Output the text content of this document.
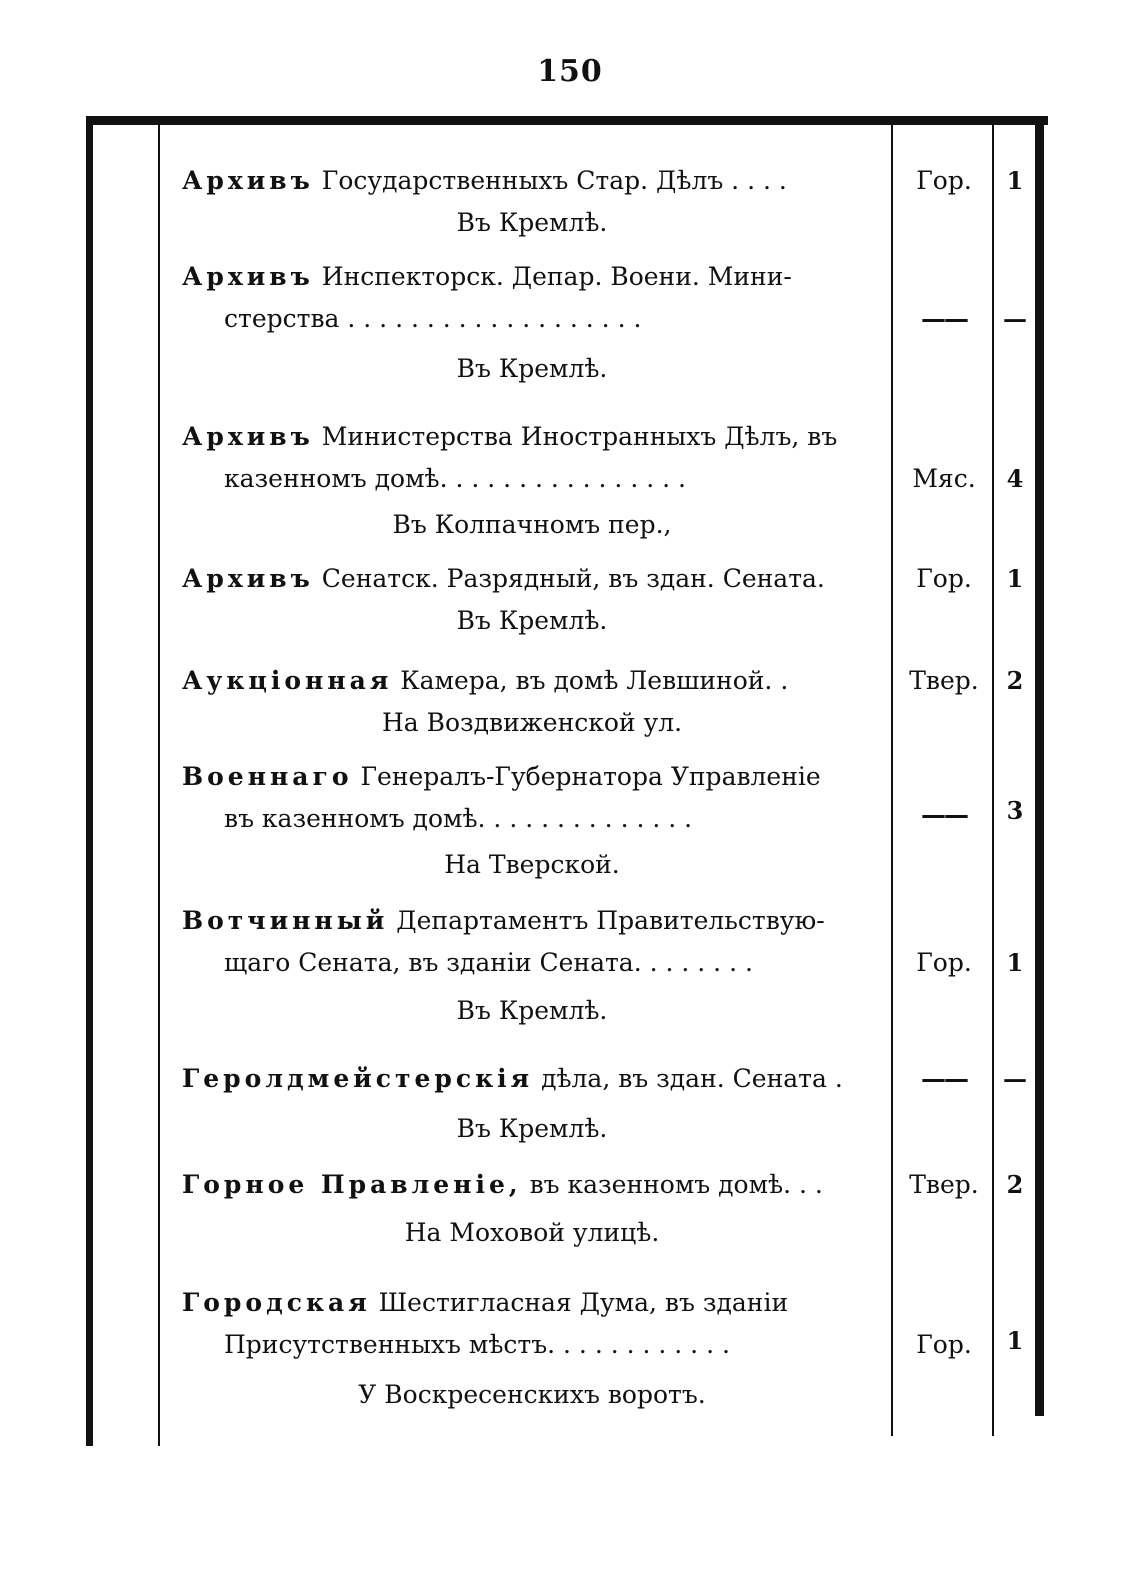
150
Архивъ Государственныхъ Стар. Дѣлъ . . . .	Гор.	1
Въ Кремлѣ.
Архивъ Инспекторск. Депар. Воени. Мини-
стерства . . . . . . . . . . . . . . . . . . .	——	—
Въ Кремлѣ.
Архивъ Министерства Иностранныхъ Дѣлъ, въ
казенномъ домѣ. . . . . . . . . . . . . . . .	Мяс.	4
Въ Колпачномъ пер.,
Архивъ Сенатск. Разрядный, въ здан. Сената.	Гор.	1
Въ Кремлѣ.
Аукціонная Камера, въ домѣ Левшиной. .	Твер.	2
На Воздвиженской ул.
Военнаго Генералъ-Губернатора Управленіе
въ казенномъ домѣ. . . . . . . . . . . . . .	——	3
На Тверской.
Вотчинный Департаментъ Правительствую-
щаго Сената, въ зданіи Сената. . . . . . . .	Гор.	1
Въ Кремлѣ.
Геролдмейстерскія дѣла, въ здан. Сената .	——	—
Въ Кремлѣ.
Горное Правленіе, въ казенномъ домѣ. . .	Твер.	2
На Моховой улицѣ.
Городская Шестигласная Дума, въ зданіи
Присутственныхъ мѣстъ. . . . . . . . . . . .	Гор.	1
У Воскресенскихъ воротъ.
